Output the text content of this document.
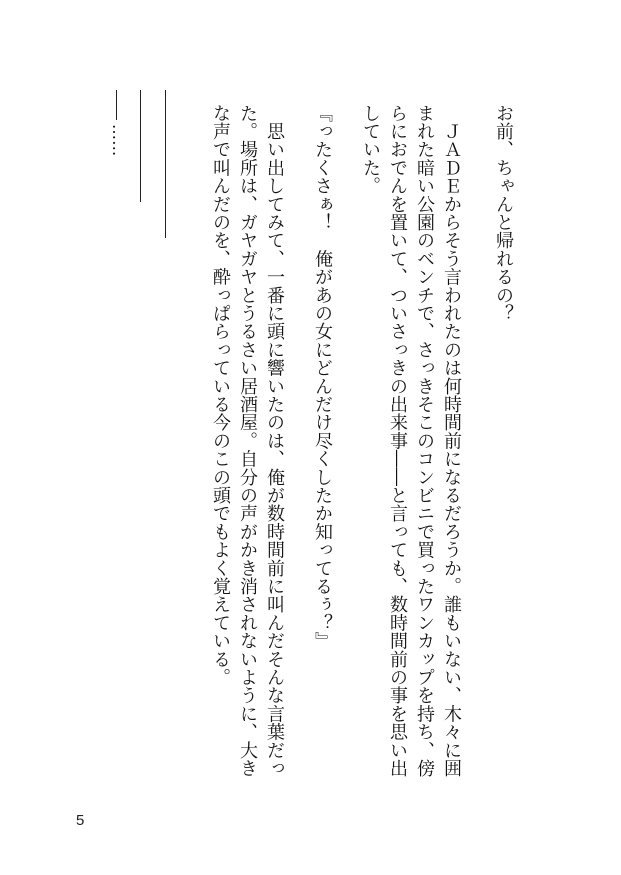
お前、ちゃんと帰れるの？
　ＪＡＤＥからそう言われたのは何時間前になるだろうか。誰もいない、木々に囲
まれた暗い公園のベンチで、さっきそこのコンビニで買ったワンカップを持ち、傍
らにおでんを置いて、ついさっきの出来事――と言っても、数時間前の事を思い出
していた。
『ったくさぁ！　俺があの女にどんだけ尽くしたか知ってるぅ？』
　思い出してみて、一番に頭に響いたのは、俺が数時間前に叫んだそんな言葉だっ
た。場所は、ガヤガヤとうるさい居酒屋。自分の声がかき消されないように、大き
な声で叫んだのを、酔っぱらっている今のこの頭でもよく覚えている。
……
5
